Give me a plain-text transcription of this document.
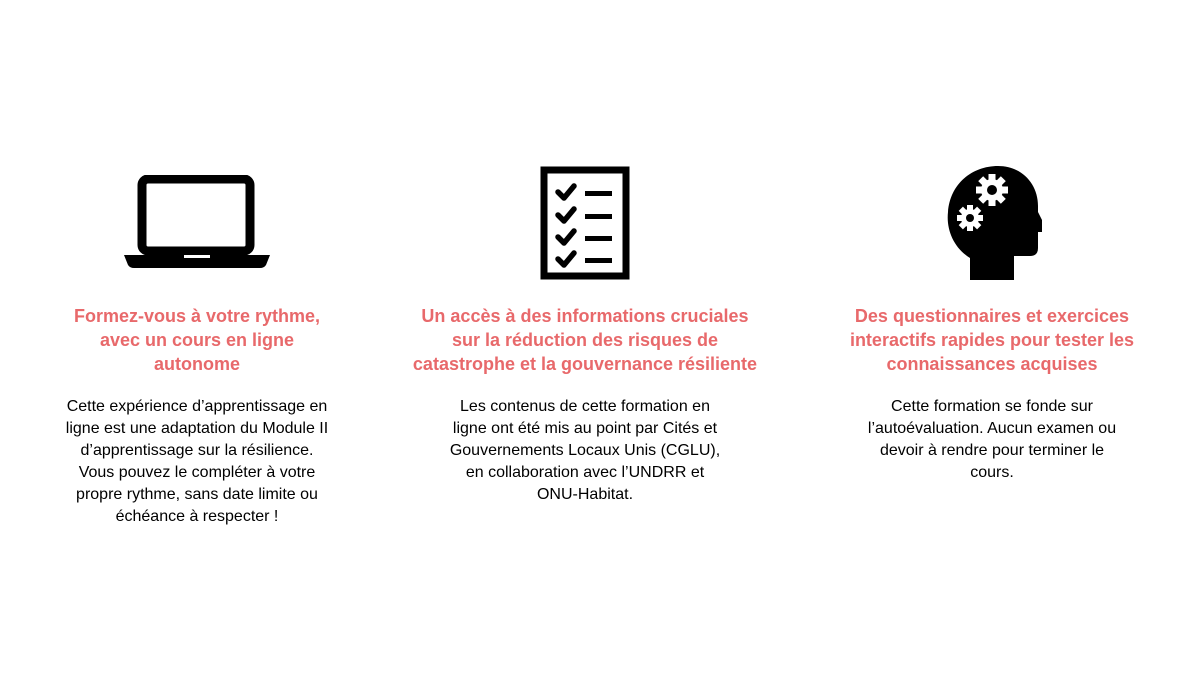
Formez-vous à votre rythme,
avec un cours en ligne
autonome

Cette expérience d’apprentissage en
ligne est une adaptation du Module II
d’apprentissage sur la résilience.
Vous pouvez le compléter à votre
propre rythme, sans date limite ou
échéance à respecter !

Un accès à des informations cruciales
sur la réduction des risques de
catastrophe et la gouvernance résiliente

Les contenus de cette formation en
ligne ont été mis au point par Cités et
Gouvernements Locaux Unis (CGLU),
en collaboration avec l’UNDRR et
ONU-Habitat.

Des questionnaires et exercices
interactifs rapides pour tester les
connaissances acquises

Cette formation se fonde sur
l’autoévaluation. Aucun examen ou
devoir à rendre pour terminer le
cours.
